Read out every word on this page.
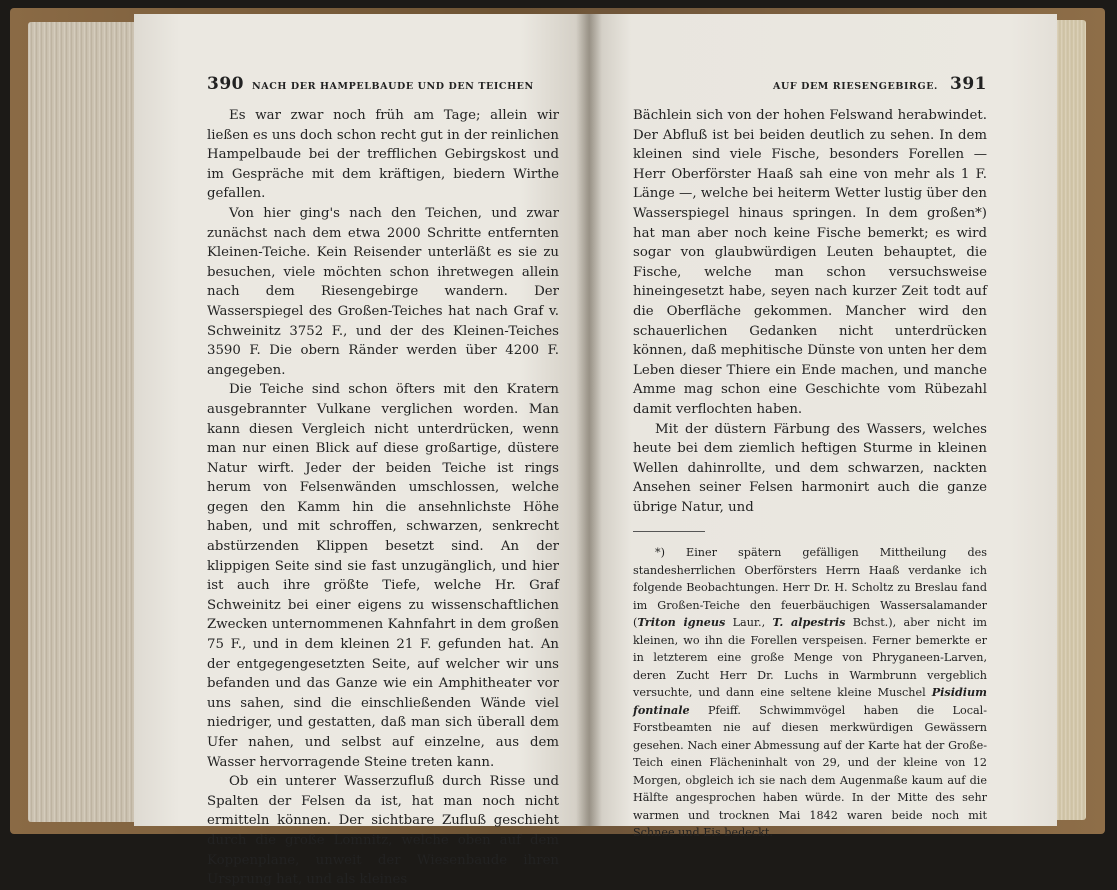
390 NACH DER HAMPELBAUDE UND DEN TEICHEN

Es war zwar noch früh am Tage; allein wir ließen es uns doch schon recht gut in der reinlichen Hampelbaude bei der trefflichen Gebirgskost und im Gespräche mit dem kräftigen, biedern Wirthe gefallen.

Von hier ging's nach den Teichen, und zwar zunächst nach dem etwa 2000 Schritte entfernten Kleinen-Teiche. Kein Reisender unterläßt es sie zu besuchen, viele möchten schon ihretwegen allein nach dem Riesengebirge wandern. Der Wasserspiegel des Großen-Teiches hat nach Graf v. Schweinitz 3752 F., und der des Kleinen-Teiches 3590 F. Die obern Ränder werden über 4200 F. angegeben.

Die Teiche sind schon öfters mit den Kratern ausgebrannter Vulkane verglichen worden. Man kann diesen Vergleich nicht unterdrücken, wenn man nur einen Blick auf diese großartige, düstere Natur wirft. Jeder der beiden Teiche ist rings herum von Felsenwänden umschlossen, welche gegen den Kamm hin die ansehnlichste Höhe haben, und mit schroffen, schwarzen, senkrecht abstürzenden Klippen besetzt sind. An der klippigen Seite sind sie fast unzugänglich, und hier ist auch ihre größte Tiefe, welche Hr. Graf Schweinitz bei einer eigens zu wissenschaftlichen Zwecken unternommenen Kahnfahrt in dem großen 75 F., und in dem kleinen 21 F. gefunden hat. An der entgegengesetzten Seite, auf welcher wir uns befanden und das Ganze wie ein Amphitheater vor uns sahen, sind die einschließenden Wände viel niedriger, und gestatten, daß man sich überall dem Ufer nahen, und selbst auf einzelne, aus dem Wasser hervorragende Steine treten kann.

Ob ein unterer Wasserzufluß durch Risse und Spalten der Felsen da ist, hat man noch nicht ermitteln können. Der sichtbare Zufluß geschieht durch die große Lomnitz, welche oben auf dem Koppenplane, unweit der Wiesenbaude ihren Ursprung hat, und als kleines

AUF DEM RIESENGEBIRGE. 391

Bächlein sich von der hohen Felswand herabwindet. Der Abfluß ist bei beiden deutlich zu sehen. In dem kleinen sind viele Fische, besonders Forellen — Herr Oberförster Haaß sah eine von mehr als 1 F. Länge —, welche bei heiterm Wetter lustig über den Wasserspiegel hinaus springen. In dem großen*) hat man aber noch keine Fische bemerkt; es wird sogar von glaubwürdigen Leuten behauptet, die Fische, welche man schon versuchsweise hineingesetzt habe, seyen nach kurzer Zeit todt auf die Oberfläche gekommen. Mancher wird den schauerlichen Gedanken nicht unterdrücken können, daß mephitische Dünste von unten her dem Leben dieser Thiere ein Ende machen, und manche Amme mag schon eine Geschichte vom Rübezahl damit verflochten haben.

Mit der düstern Färbung des Wassers, welches heute bei dem ziemlich heftigen Sturme in kleinen Wellen dahinrollte, und dem schwarzen, nackten Ansehen seiner Felsen harmonirt auch die ganze übrige Natur, und

*) Einer spätern gefälligen Mittheilung des standesherrlichen Oberförsters Herrn Haaß verdanke ich folgende Beobachtungen. Herr Dr. H. Scholtz zu Breslau fand im Großen-Teiche den feuerbäuchigen Wassersalamander (Triton igneus Laur., T. alpestris Bchst.), aber nicht im kleinen, wo ihn die Forellen verspeisen. Ferner bemerkte er in letzterem eine große Menge von Phryganeen-Larven, deren Zucht Herr Dr. Luchs in Warmbrunn vergeblich versuchte, und dann eine seltene kleine Muschel Pisidium fontinale Pfeiff. Schwimmvögel haben die Local-Forstbeamten nie auf diesen merkwürdigen Gewässern gesehen. Nach einer Abmessung auf der Karte hat der Große-Teich einen Flächeninhalt von 29, und der kleine von 12 Morgen, obgleich ich sie nach dem Augenmaße kaum auf die Hälfte angesprochen haben würde. In der Mitte des sehr warmen und trocknen Mai 1842 waren beide noch mit Schnee und Eis bedeckt.
